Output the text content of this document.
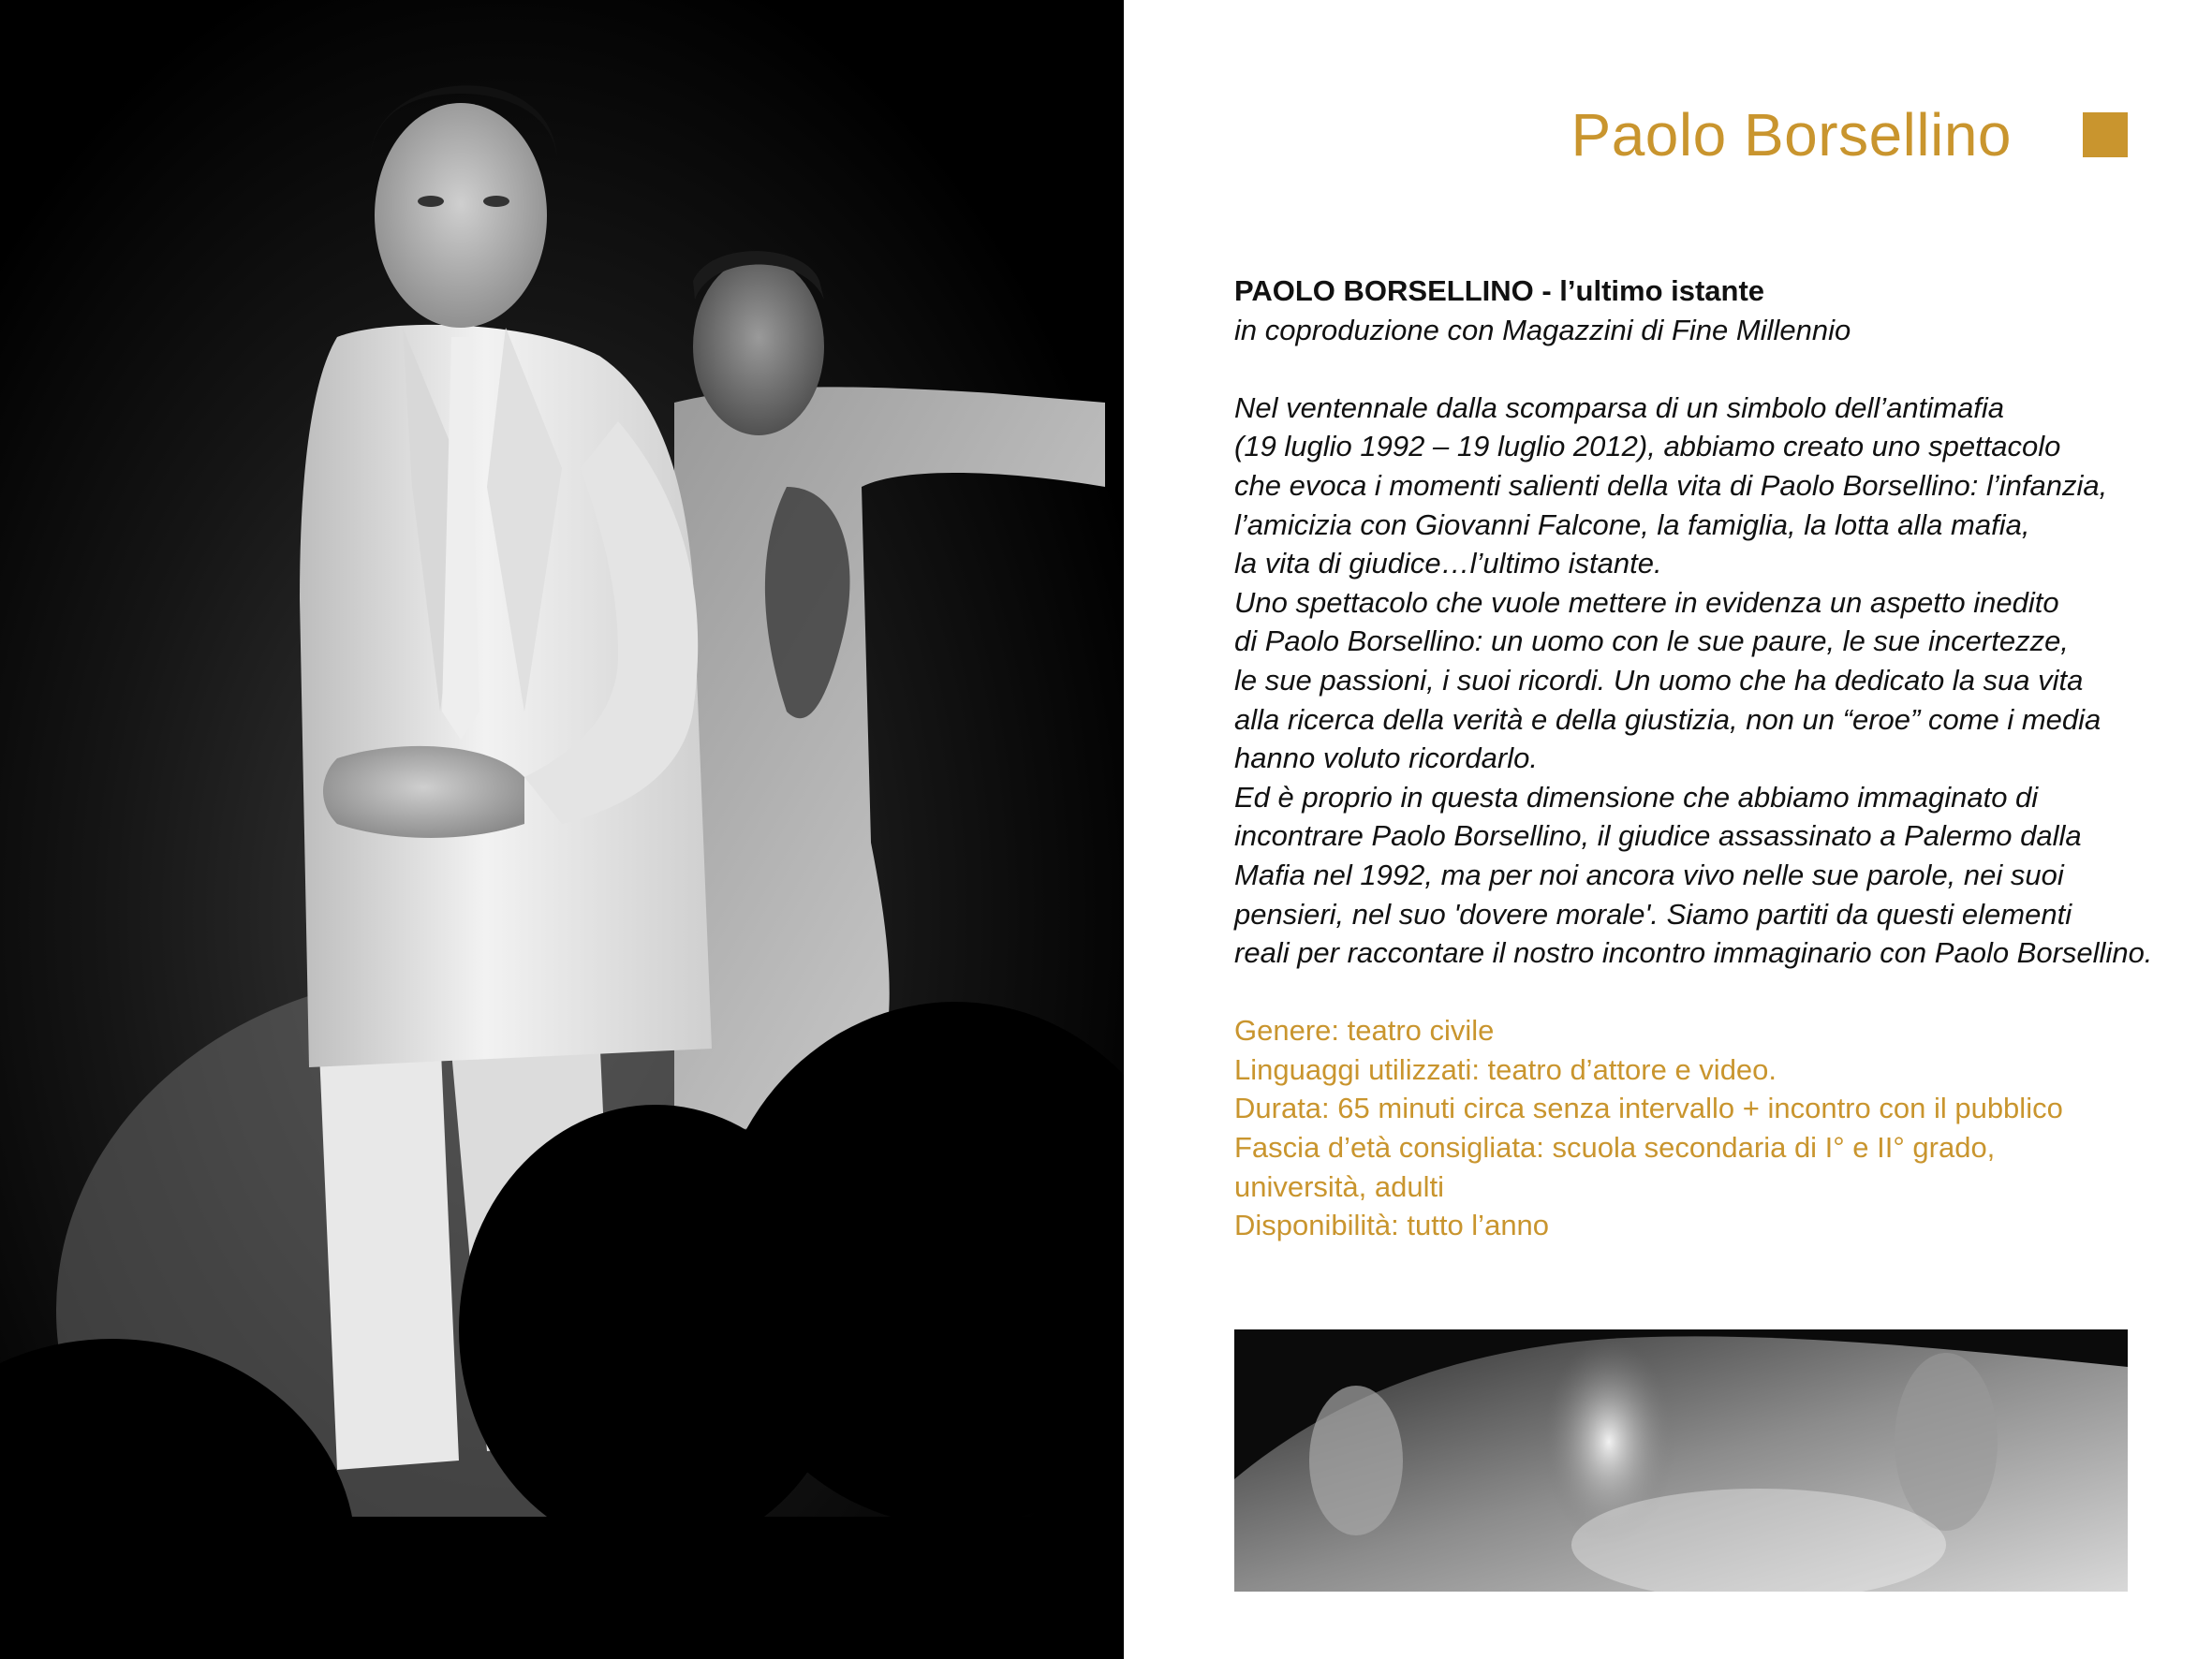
Paolo Borsellino
PAOLO BORSELLINO - l’ultimo istante
in coproduzione con Magazzini di Fine Millennio
Nel ventennale dalla scomparsa di un simbolo dell’antimafia
(19 luglio 1992 – 19 luglio 2012), abbiamo creato uno spettacolo
che evoca i momenti salienti della vita di Paolo Borsellino: l’infanzia,
l’amicizia con Giovanni Falcone, la famiglia, la lotta alla mafia,
la vita di giudice…l’ultimo istante.
Uno spettacolo che vuole mettere in evidenza un aspetto inedito
di Paolo Borsellino: un uomo con le sue paure, le sue incertezze,
le sue passioni, i suoi ricordi. Un uomo che ha dedicato la sua vita
alla ricerca della verità e della giustizia, non un “eroe” come i media
hanno voluto ricordarlo.
Ed è proprio in questa dimensione che abbiamo immaginato di
incontrare Paolo Borsellino, il giudice assassinato a Palermo dalla
Mafia nel 1992, ma per noi ancora vivo nelle sue parole, nei suoi
pensieri, nel suo 'dovere morale'. Siamo partiti da questi elementi
reali per raccontare il nostro incontro immaginario con Paolo Borsellino.
Genere: teatro civile
Linguaggi utilizzati: teatro d’attore e video.
Durata: 65 minuti circa senza intervallo + incontro con il pubblico
Fascia d’età consigliata: scuola secondaria di I° e II° grado,
università, adulti
Disponibilità: tutto l’anno
